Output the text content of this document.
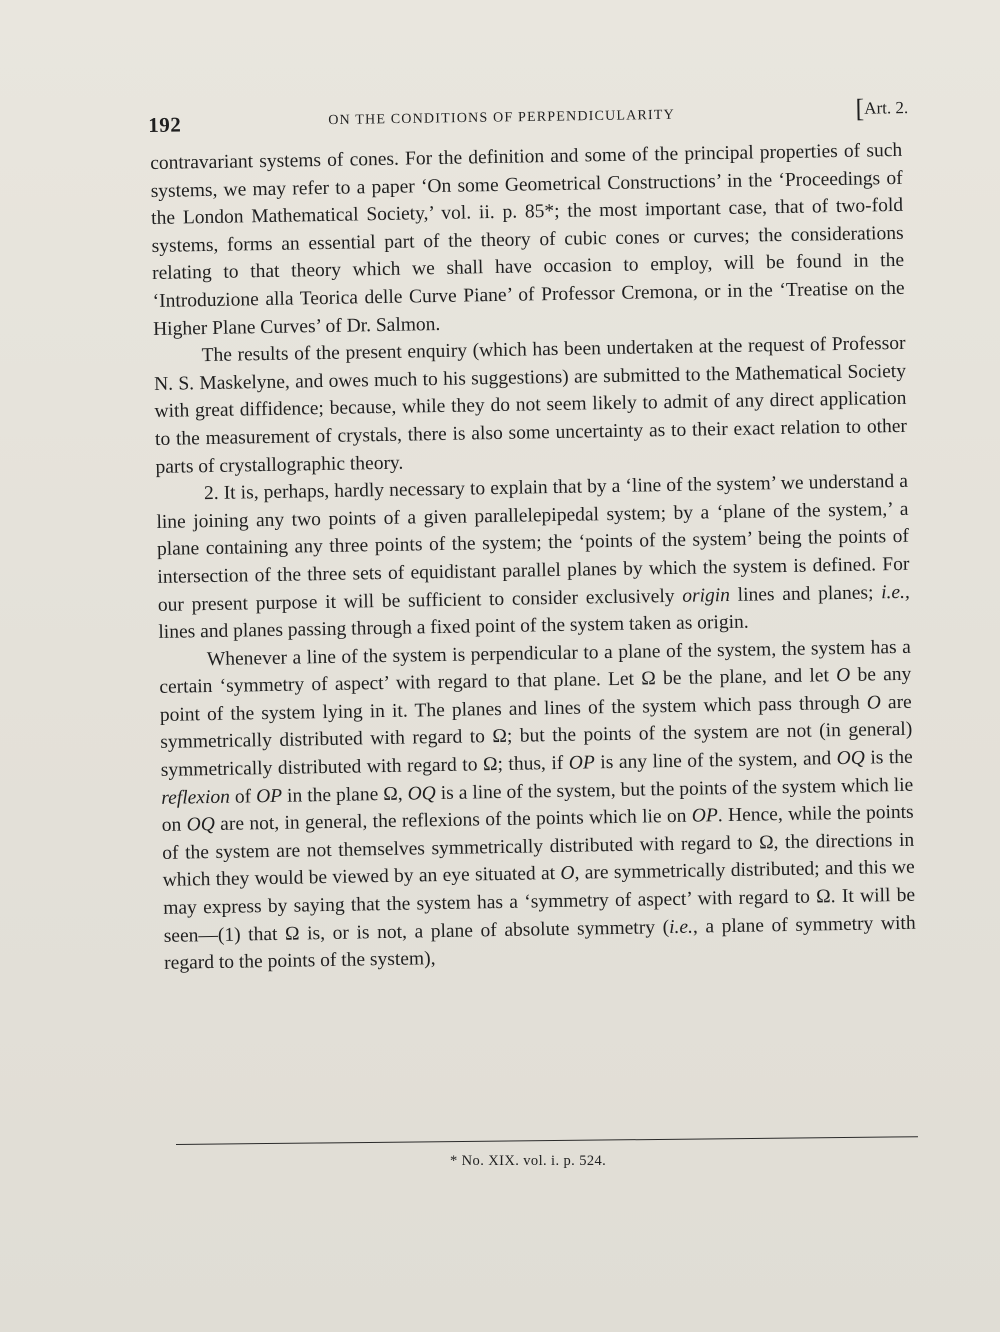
192	ON THE CONDITIONS OF PERPENDICULARITY	[Art. 2.

contravariant systems of cones. For the definition and some of the principal properties of such systems, we may refer to a paper ‘On some Geometrical Constructions’ in the ‘Proceedings of the London Mathematical Society,’ vol. ii. p. 85*; the most important case, that of two-fold systems, forms an essential part of the theory of cubic cones or curves; the considerations relating to that theory which we shall have occasion to employ, will be found in the ‘Introduzione alla Teorica delle Curve Piane’ of Professor Cremona, or in the ‘Treatise on the Higher Plane Curves’ of Dr. Salmon.

The results of the present enquiry (which has been undertaken at the request of Professor N. S. Maskelyne, and owes much to his suggestions) are submitted to the Mathematical Society with great diffidence; because, while they do not seem likely to admit of any direct application to the measurement of crystals, there is also some uncertainty as to their exact relation to other parts of crystallographic theory.

2. It is, perhaps, hardly necessary to explain that by a ‘line of the system’ we understand a line joining any two points of a given parallelepipedal system; by a ‘plane of the system,’ a plane containing any three points of the system; the ‘points of the system’ being the points of intersection of the three sets of equidistant parallel planes by which the system is defined. For our present purpose it will be sufficient to consider exclusively origin lines and planes; i.e., lines and planes passing through a fixed point of the system taken as origin.

Whenever a line of the system is perpendicular to a plane of the system, the system has a certain ‘symmetry of aspect’ with regard to that plane. Let Ω be the plane, and let O be any point of the system lying in it. The planes and lines of the system which pass through O are symmetrically distributed with regard to Ω; but the points of the system are not (in general) symmetrically distributed with regard to Ω; thus, if OP is any line of the system, and OQ is the reflexion of OP in the plane Ω, OQ is a line of the system, but the points of the system which lie on OQ are not, in general, the reflexions of the points which lie on OP. Hence, while the points of the system are not themselves symmetrically distributed with regard to Ω, the directions in which they would be viewed by an eye situated at O, are symmetrically distributed; and this we may express by saying that the system has a ‘symmetry of aspect’ with regard to Ω. It will be seen—(1) that Ω is, or is not, a plane of absolute symmetry (i.e., a plane of symmetry with regard to the points of the system),

* No. XIX. vol. i. p. 524.
